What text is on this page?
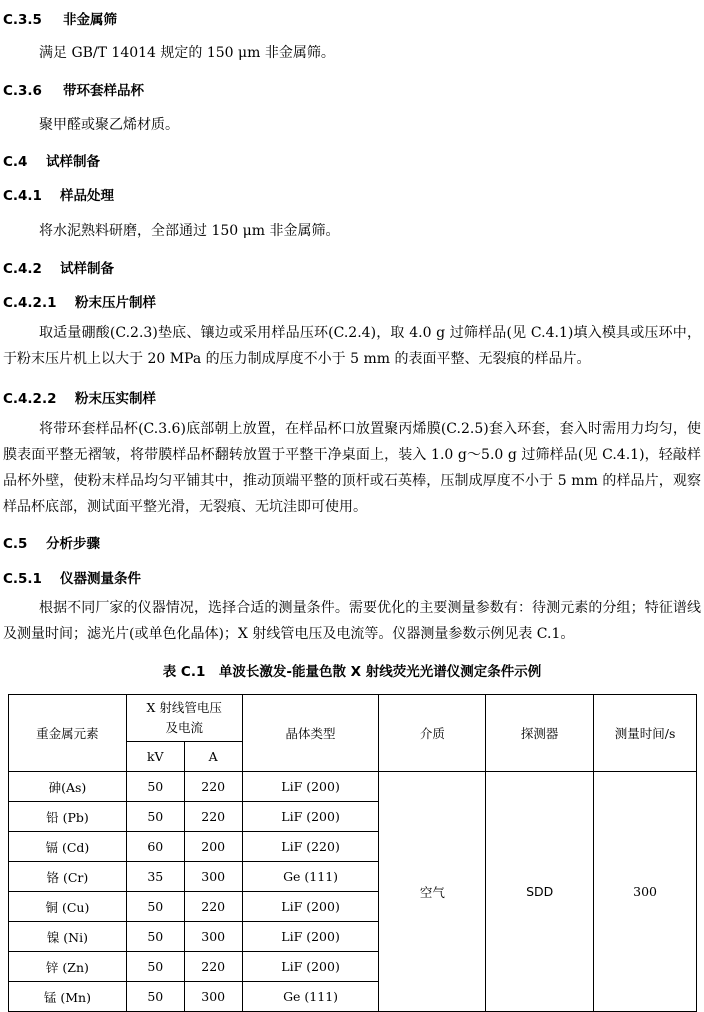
C.3.5 非金属筛
满足 GB/T 14014 规定的 150 μm 非金属筛。
C.3.6 带环套样品杯
聚甲醛或聚乙烯材质。
C.4 试样制备
C.4.1 样品处理
将水泥熟料研磨，全部通过 150 μm 非金属筛。
C.4.2 试样制备
C.4.2.1 粉末压片制样
取适量硼酸(C.2.3)垫底、镶边或采用样品压环(C.2.4)，取 4.0 g 过筛样品(见 C.4.1)填入模具或压环中，于粉末压片机上以大于 20 MPa 的压力制成厚度不小于 5 mm 的表面平整、无裂痕的样品片。
C.4.2.2 粉末压实制样
将带环套样品杯(C.3.6)底部朝上放置，在样品杯口放置聚丙烯膜(C.2.5)套入环套，套入时需用力均匀，使膜表面平整无褶皱，将带膜样品杯翻转放置于平整干净桌面上，装入 1.0 g～5.0 g 过筛样品(见 C.4.1)，轻敲样品杯外壁，使粉末样品均匀平铺其中，推动顶端平整的顶杆或石英棒，压制成厚度不小于 5 mm 的样品片，观察样品杯底部，测试面平整光滑，无裂痕、无坑洼即可使用。
C.5 分析步骤
C.5.1 仪器测量条件
根据不同厂家的仪器情况，选择合适的测量条件。需要优化的主要测量参数有：待测元素的分组；特征谱线及测量时间；滤光片(或单色化晶体)；X 射线管电压及电流等。仪器测量参数示例见表 C.1。
表 C.1　单波长激发-能量色散 X 射线荧光光谱仪测定条件示例
重金属元素	X 射线管电压及电流		晶体类型	介质	探测器	测量时间/s
	kV	A				
砷(As)	50	220	LiF (200)	空气	SDD	300
铅 (Pb)	50	220	LiF (200)			
镉 (Cd)	60	200	LiF (220)			
铬 (Cr)	35	300	Ge (111)			
铜 (Cu)	50	220	LiF (200)			
镍 (Ni)	50	300	LiF (200)			
锌 (Zn)	50	220	LiF (200)			
锰 (Mn)	50	300	Ge (111)			
